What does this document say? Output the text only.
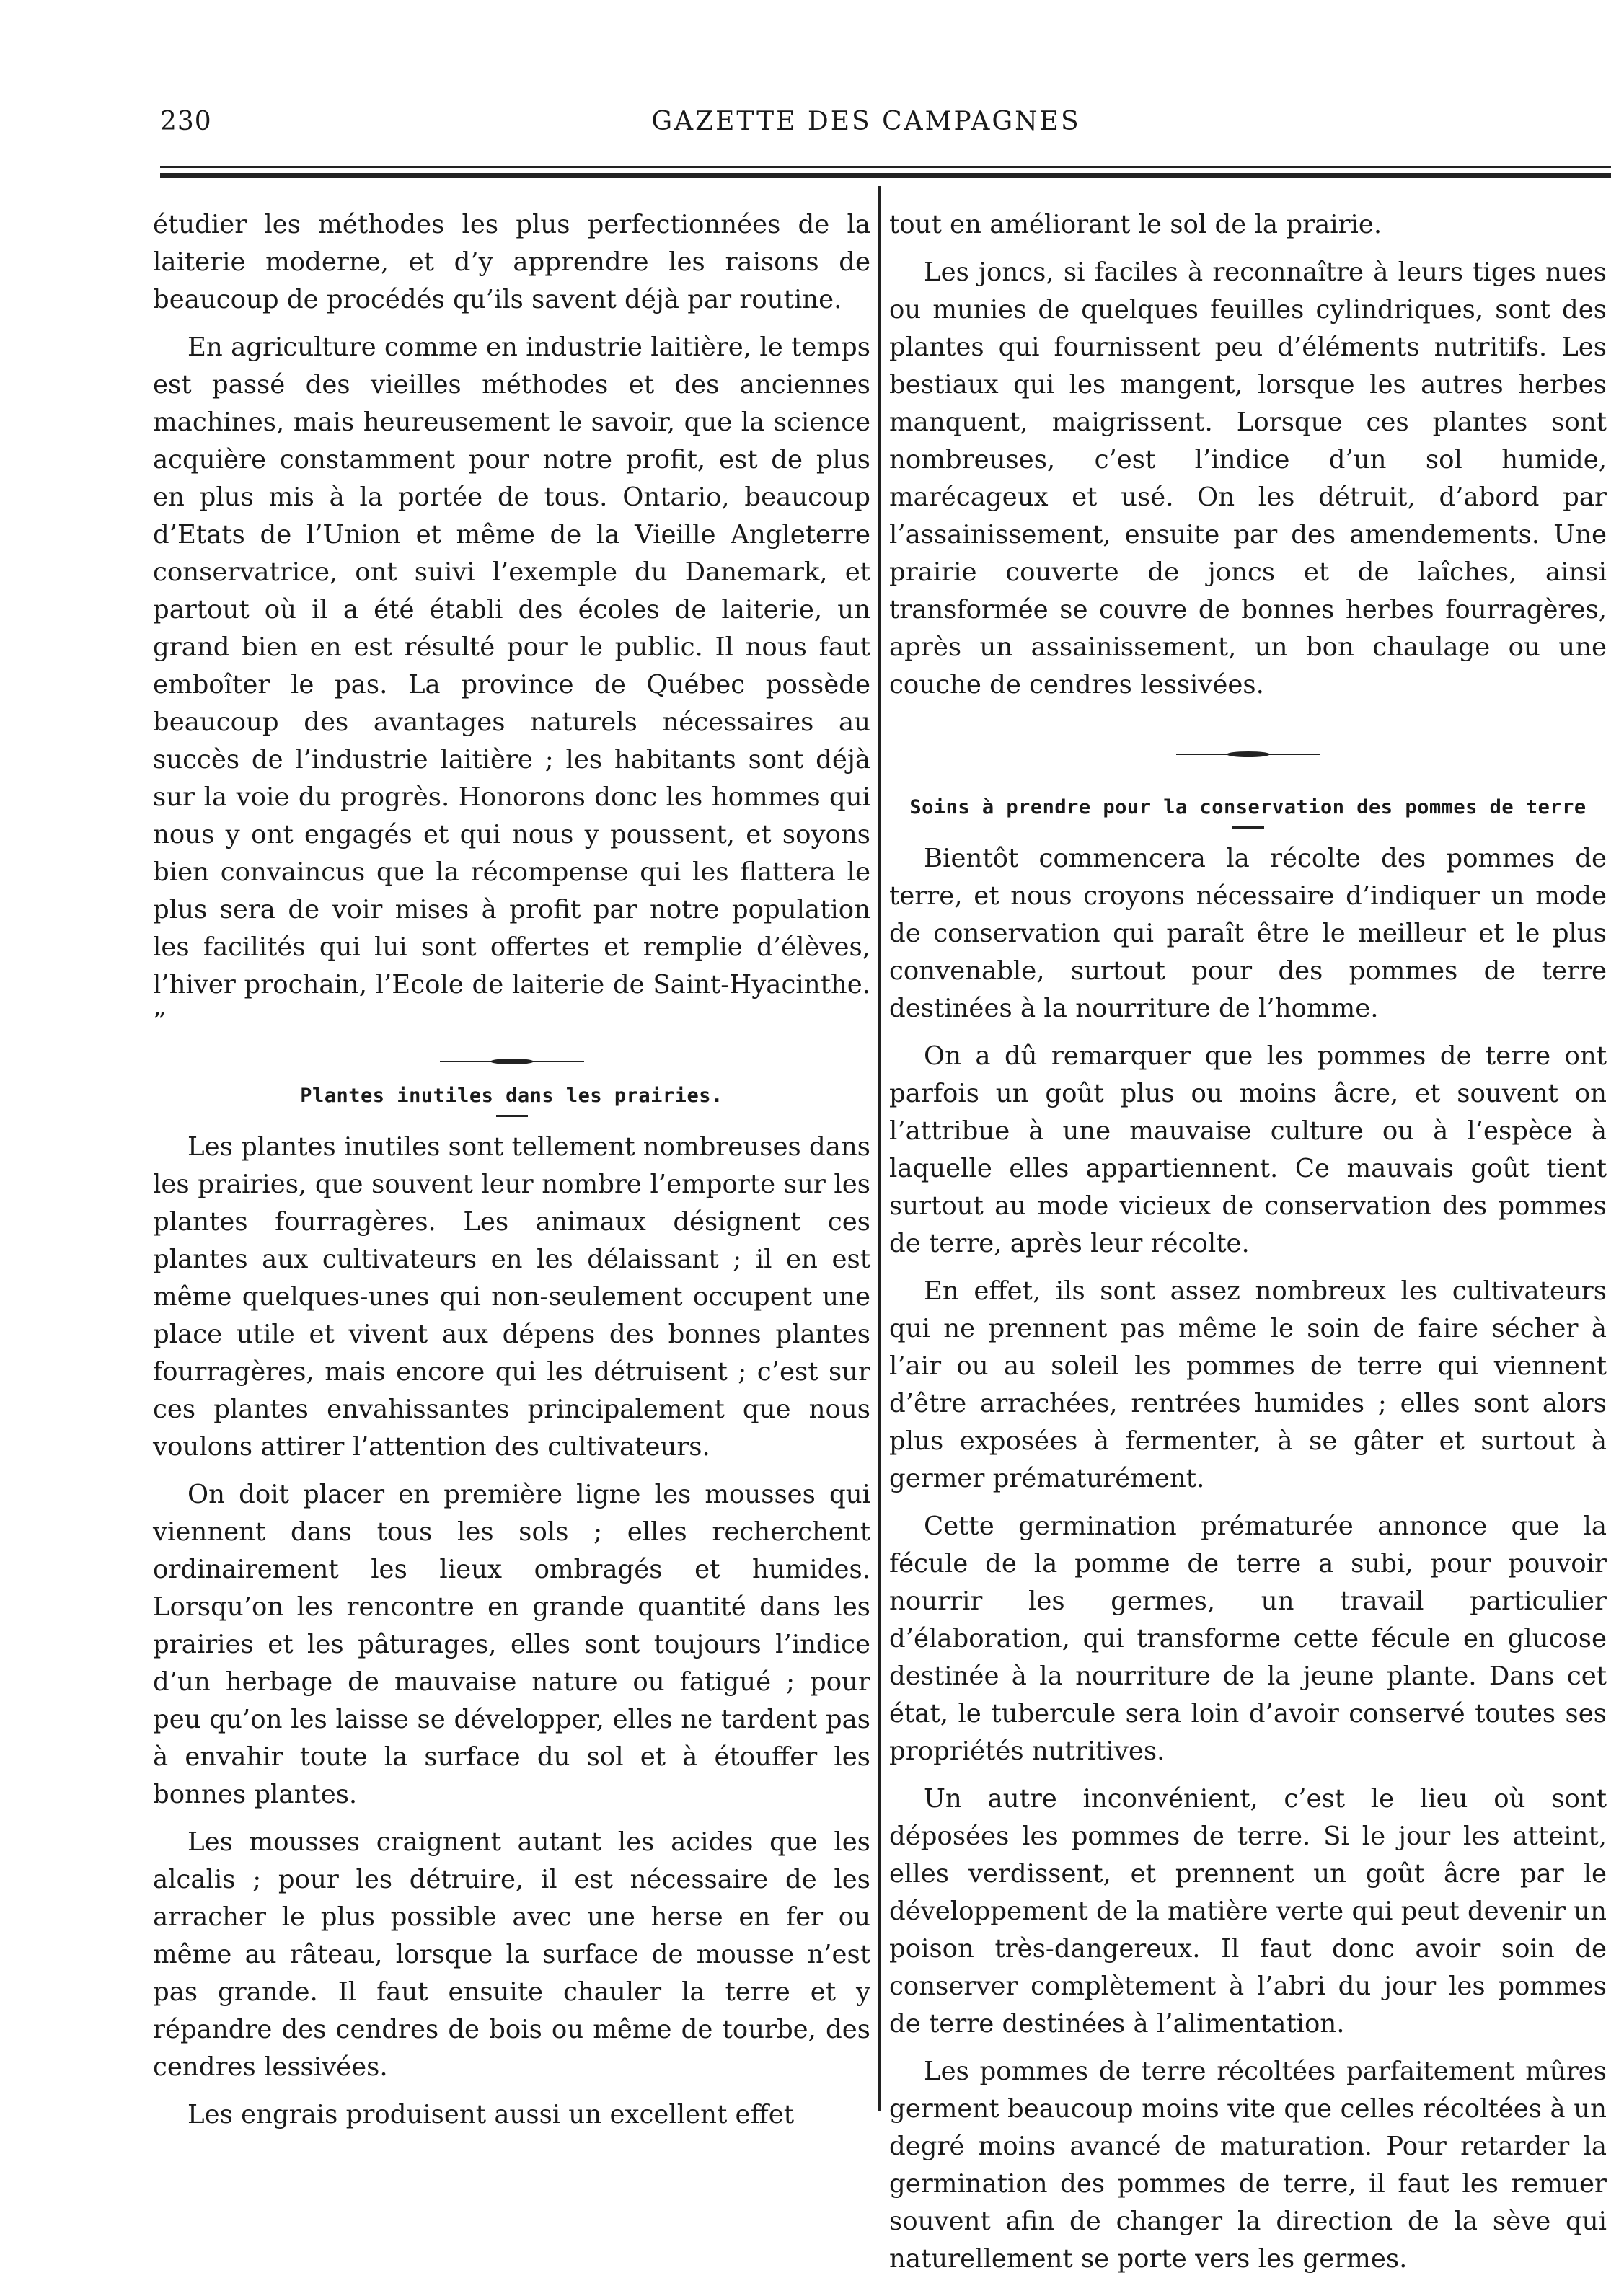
230	GAZETTE DES CAMPAGNES

étudier les méthodes les plus perfectionnées de la laiterie moderne, et d’y apprendre les raisons de beaucoup de procédés qu’ils savent déjà par routine.

En agriculture comme en industrie laitière, le temps est passé des vieilles méthodes et des anciennes machines, mais heureusement le savoir, que la science acquière constamment pour notre profit, est de plus en plus mis à la portée de tous. Ontario, beaucoup d’Etats de l’Union et même de la Vieille Angleterre conservatrice, ont suivi l’exemple du Danemark, et partout où il a été établi des écoles de laiterie, un grand bien en est résulté pour le public. Il nous faut emboîter le pas. La province de Québec possède beaucoup des avantages naturels nécessaires au succès de l’industrie laitière ; les habitants sont déjà sur la voie du progrès. Honorons donc les hommes qui nous y ont engagés et qui nous y poussent, et soyons bien convaincus que la récompense qui les flattera le plus sera de voir mises à profit par notre population les facilités qui lui sont offertes et remplie d’élèves, l’hiver prochain, l’Ecole de laiterie de Saint-Hyacinthe. ”

Plantes inutiles dans les prairies.

Les plantes inutiles sont tellement nombreuses dans les prairies, que souvent leur nombre l’emporte sur les plantes fourragères. Les animaux désignent ces plantes aux cultivateurs en les délaissant ; il en est même quelques-unes qui non-seulement occupent une place utile et vivent aux dépens des bonnes plantes fourragères, mais encore qui les détruisent ; c’est sur ces plantes envahissantes principalement que nous voulons attirer l’attention des cultivateurs.

On doit placer en première ligne les mousses qui viennent dans tous les sols ; elles recherchent ordinairement les lieux ombragés et humides. Lorsqu’on les rencontre en grande quantité dans les prairies et les pâturages, elles sont toujours l’indice d’un herbage de mauvaise nature ou fatigué ; pour peu qu’on les laisse se développer, elles ne tardent pas à envahir toute la surface du sol et à étouffer les bonnes plantes.

Les mousses craignent autant les acides que les alcalis ; pour les détruire, il est nécessaire de les arracher le plus possible avec une herse en fer ou même au râteau, lorsque la surface de mousse n’est pas grande. Il faut ensuite chauler la terre et y répandre des cendres de bois ou même de tourbe, des cendres lessivées.

Les engrais produisent aussi un excellent effet

tout en améliorant le sol de la prairie.

Les joncs, si faciles à reconnaître à leurs tiges nues ou munies de quelques feuilles cylindriques, sont des plantes qui fournissent peu d’éléments nutritifs. Les bestiaux qui les mangent, lorsque les autres herbes manquent, maigrissent. Lorsque ces plantes sont nombreuses, c’est l’indice d’un sol humide, marécageux et usé. On les détruit, d’abord par l’assainissement, ensuite par des amendements. Une prairie couverte de joncs et de laîches, ainsi transformée se couvre de bonnes herbes fourragères, après un assainissement, un bon chaulage ou une couche de cendres lessivées.

Soins à prendre pour la conservation des pommes de terre

Bientôt commencera la récolte des pommes de terre, et nous croyons nécessaire d’indiquer un mode de conservation qui paraît être le meilleur et le plus convenable, surtout pour des pommes de terre destinées à la nourriture de l’homme.

On a dû remarquer que les pommes de terre ont parfois un goût plus ou moins âcre, et souvent on l’attribue à une mauvaise culture ou à l’espèce à laquelle elles appartiennent. Ce mauvais goût tient surtout au mode vicieux de conservation des pommes de terre, après leur récolte.

En effet, ils sont assez nombreux les cultivateurs qui ne prennent pas même le soin de faire sécher à l’air ou au soleil les pommes de terre qui viennent d’être arrachées, rentrées humides ; elles sont alors plus exposées à fermenter, à se gâter et surtout à germer prématurément.

Cette germination prématurée annonce que la fécule de la pomme de terre a subi, pour pouvoir nourrir les germes, un travail particulier d’élaboration, qui transforme cette fécule en glucose destinée à la nourriture de la jeune plante. Dans cet état, le tubercule sera loin d’avoir conservé toutes ses propriétés nutritives.

Un autre inconvénient, c’est le lieu où sont déposées les pommes de terre. Si le jour les atteint, elles verdissent, et prennent un goût âcre par le développement de la matière verte qui peut devenir un poison très-dangereux. Il faut donc avoir soin de conserver complètement à l’abri du jour les pommes de terre destinées à l’alimentation.

Les pommes de terre récoltées parfaitement mûres germent beaucoup moins vite que celles récoltées à un degré moins avancé de maturation. Pour retarder la germination des pommes de terre, il faut les remuer souvent afin de changer la direction de la sève qui naturellement se porte vers les germes.
